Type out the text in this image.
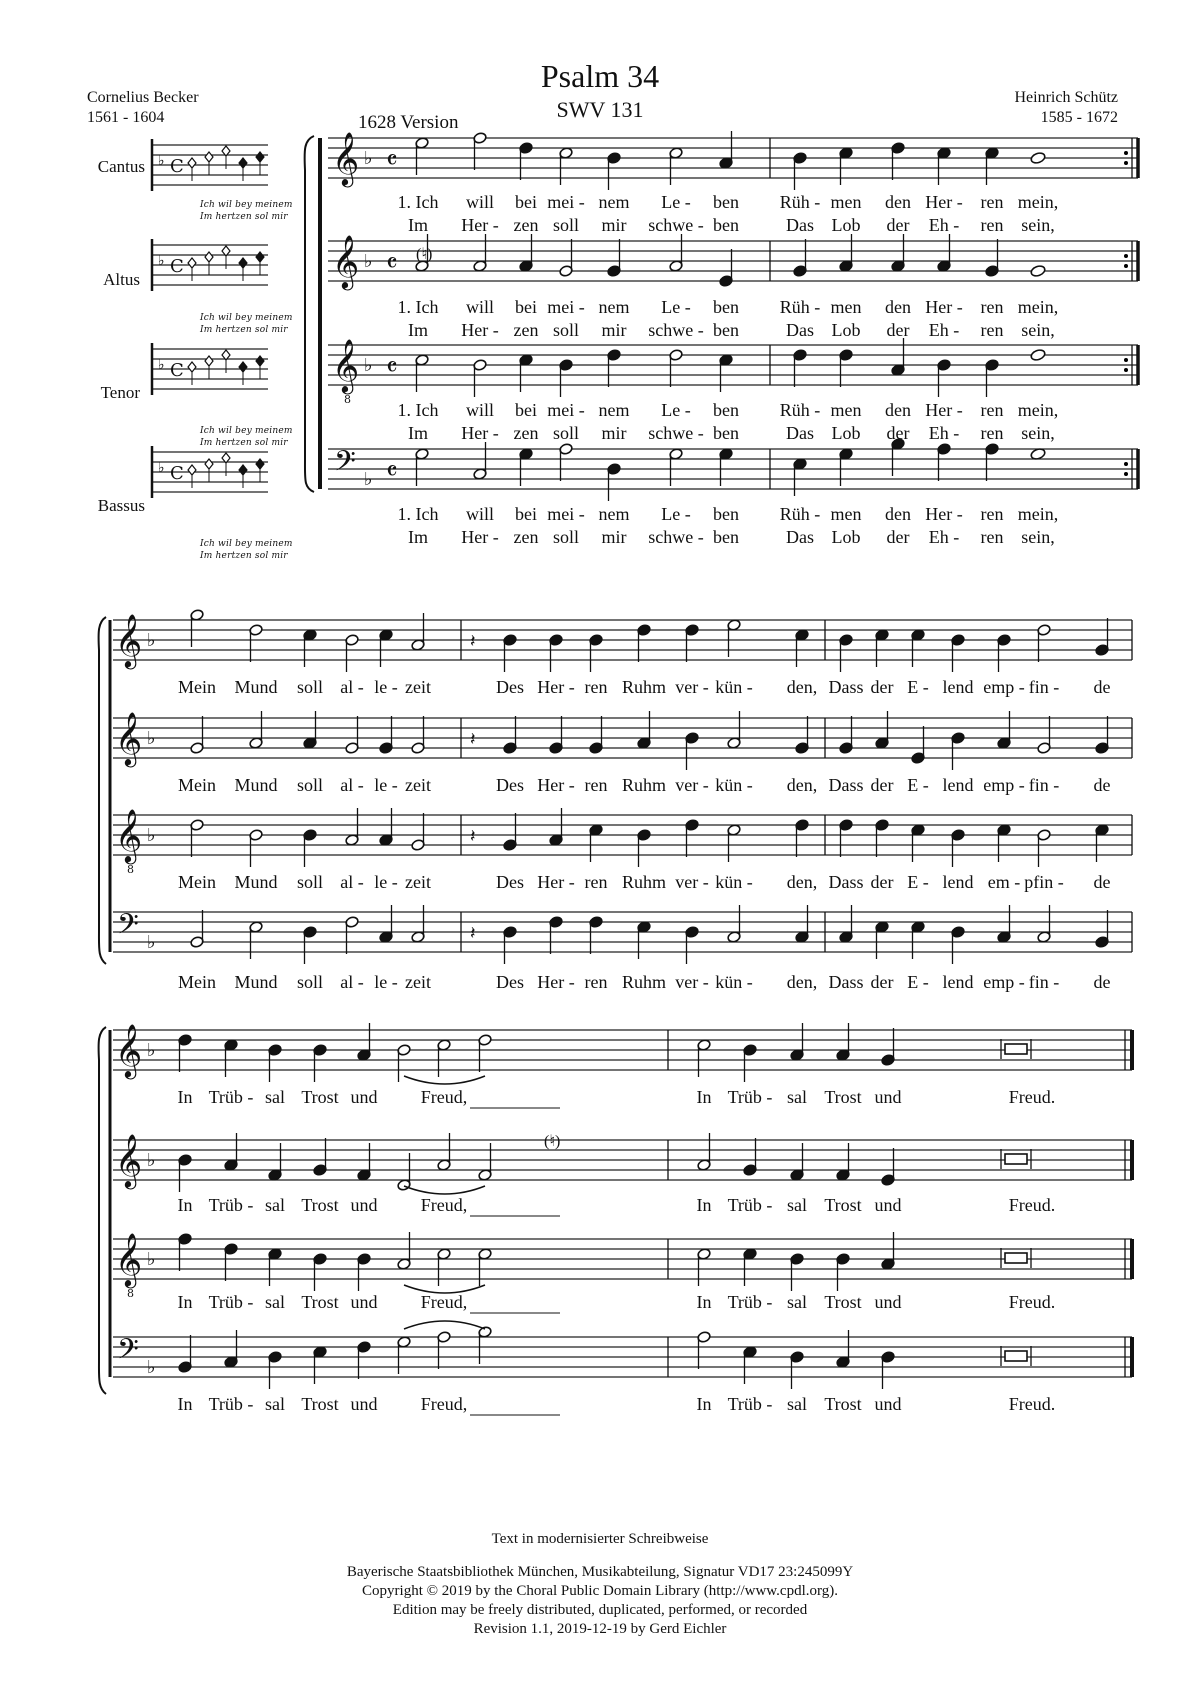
Psalm 34
SWV 131
1628 Version
Cornelius Becker
1561 - 1604
Heinrich Schütz
1585 - 1672
Cantus
Altus
Tenor
Bassus
Ich wil bey meinem
Im hertzen sol mir
Ich wil bey meinem
Im hertzen sol mir
Ich wil bey meinem
Im hertzen sol mir
Ich wil bey meinem
Im hertzen sol mir
♭ C
♭ C
♭ C
♭ C
𝄞 ♭ 𝄴
𝄞 ♭ 𝄴
𝄞
8
♭ 𝄴
𝄢 ♭ 𝄴
𝄞 ♭	𝄽
𝄞 ♭	𝄽
𝄞
8
♭	𝄽
𝄢 ♭	𝄽
𝄞 ♭
𝄞 ♭
𝄞
8
♭
𝄢 ♭
(♮)
(♮)
1. Ich will bei mei - nem Le - ben Rüh - men den Her - ren mein,
Im Her - zen soll mir schwe - ben	Das Lob der Eh - ren sein,
1. Ich will bei mei - nem Le - ben Rüh - men den Her - ren mein,
Im Her - zen soll mir schwe - ben	Das Lob der Eh - ren sein,
1. Ich will bei mei - nem Le - ben Rüh - men den Her - ren mein,
Im Her - zen soll mir schwe - ben	Das Lob der Eh - ren sein,
1. Ich will bei mei - nem Le - ben Rüh - men den Her - ren mein,
Im Her - zen soll mir schwe - ben	Das Lob der Eh - ren sein,
Mein Mund soll al - le - zeit	Des Her - ren Ruhm ver - kün - den, Dass der E - lend emp - fin - de
Mein Mund soll al - le - zeit	Des Her - ren Ruhm ver - kün - den, Dass der E - lend emp - fin - de
Mein Mund soll al - le - zeit	Des Her - ren Ruhm ver - kün - den, Dass der E - lend em - pfin - de
Mein Mund soll al - le - zeit	Des Her - ren Ruhm ver - kün - den, Dass der E - lend emp - fin - de
In Trüb - sal Trost und Freud,	In Trüb - sal Trost und	Freud.
In Trüb - sal Trost und Freud,	In Trüb - sal Trost und	Freud.
In Trüb - sal Trost und Freud,	In Trüb - sal Trost und	Freud.
In Trüb - sal Trost und Freud,	In Trüb - sal Trost und	Freud.
Text in modernisierter Schreibweise
Bayerische Staatsbibliothek München, Musikabteilung, Signatur VD17 23:245099Y
Copyright © 2019 by the Choral Public Domain Library (http://www.cpdl.org).
Edition may be freely distributed, duplicated, performed, or recorded
Revision 1.1, 2019-12-19 by Gerd Eichler
